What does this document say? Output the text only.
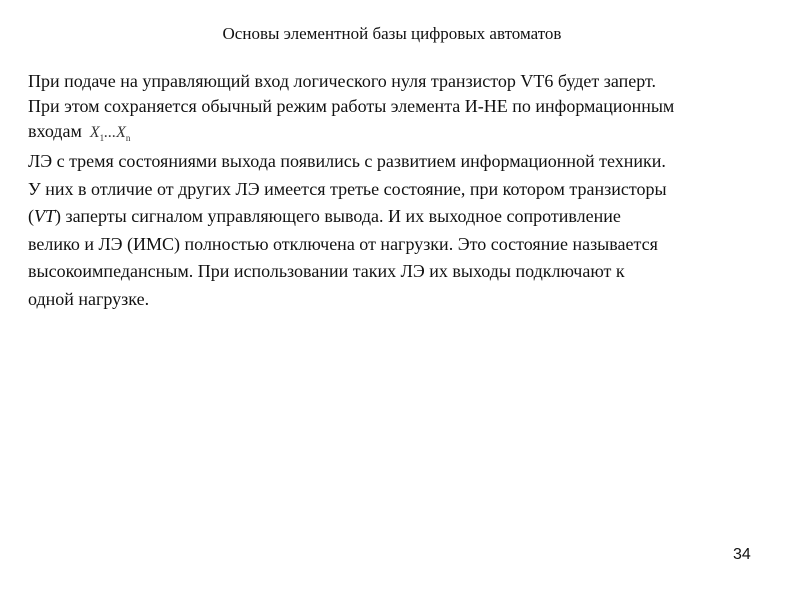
Основы элементной базы цифровых автоматов
При подаче на управляющий вход логического нуля транзистор VT6 будет заперт.
При этом сохраняется обычный режим работы элемента И-НЕ по информационным
входам $X_1...X_n$
ЛЭ с тремя состояниями выхода появились с развитием информационной техники.
У них в отличие от других ЛЭ имеется третье состояние, при котором транзисторы
(VT) заперты сигналом управляющего вывода. И их выходное сопротивление
велико и ЛЭ (ИМС) полностью отключена от нагрузки. Это состояние называется
высокоимпедансным. При использовании таких ЛЭ их выходы подключают к
одной нагрузке.
34
